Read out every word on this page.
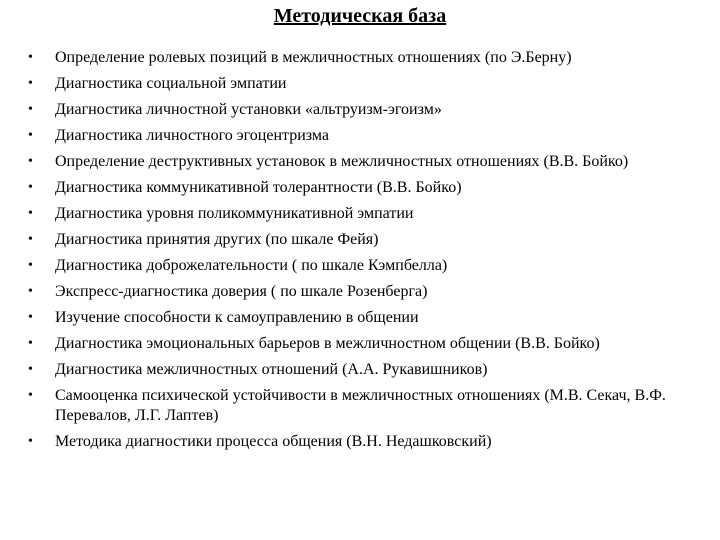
Методическая база
• Определение ролевых позиций в межличностных отношениях (по Э.Берну)
• Диагностика социальной эмпатии
• Диагностика личностной установки «альтруизм-эгоизм»
• Диагностика личностного эгоцентризма
• Определение деструктивных установок в межличностных отношениях (В.В. Бойко)
• Диагностика коммуникативной толерантности (В.В. Бойко)
• Диагностика уровня поликоммуникативной эмпатии
• Диагностика принятия других (по шкале Фейя)
• Диагностика доброжелательности ( по шкале Кэмпбелла)
• Экспресс-диагностика доверия ( по шкале Розенберга)
• Изучение способности к самоуправлению в общении
• Диагностика эмоциональных барьеров в межличностном общении (В.В. Бойко)
• Диагностика межличностных отношений (А.А. Рукавишников)
• Самооценка психической устойчивости в межличностных отношениях (М.В. Секач, В.Ф. Перевалов, Л.Г. Лаптев)
• Методика диагностики процесса общения (В.Н. Недашковский)
